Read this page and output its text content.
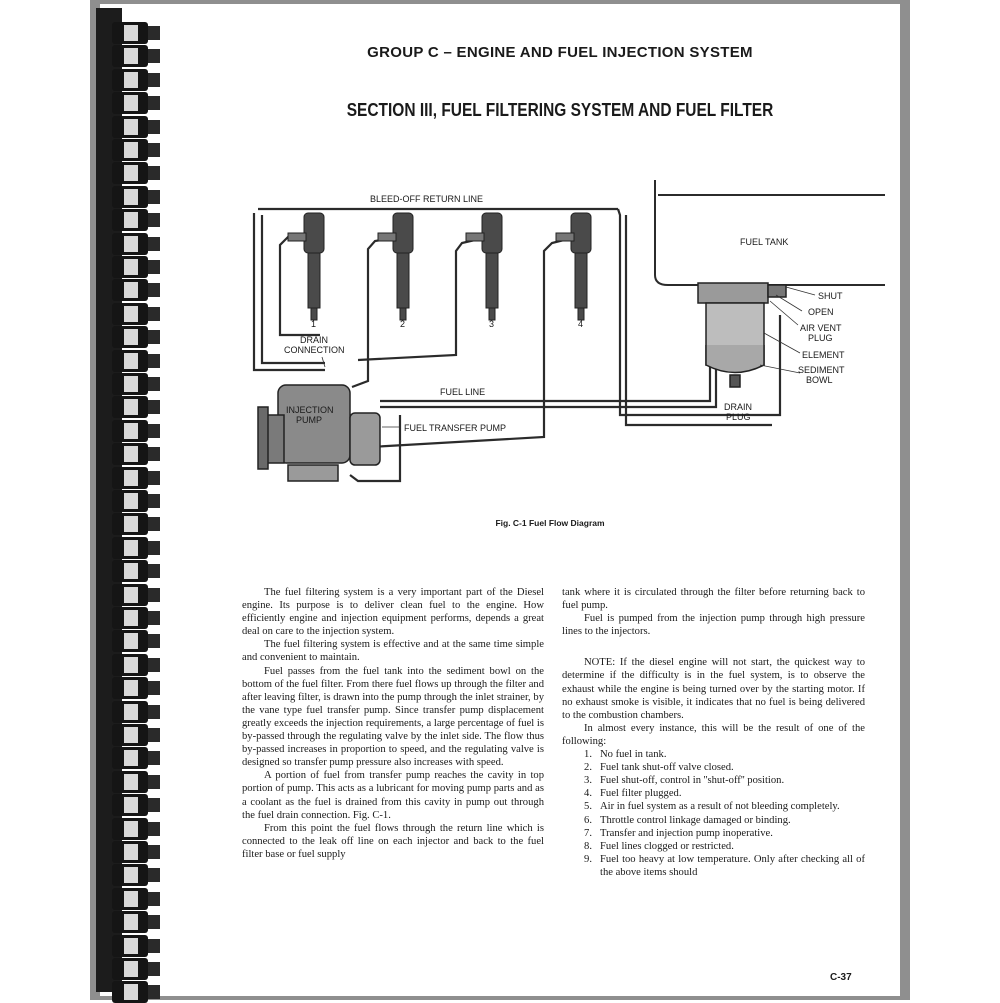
GROUP C – ENGINE AND FUEL INJECTION SYSTEM
SECTION III, FUEL FILTERING SYSTEM AND FUEL FILTER
BLEED-OFF RETURN LINE
FUEL TANK
SHUT
OPEN
AIR VENT
PLUG
ELEMENT
SEDIMENT
BOWL
DRAIN
PLUG
DRAIN
CONNECTION
FUEL LINE
INJECTION
PUMP
FUEL TRANSFER PUMP
1	2	3	4
Fig. C-1 Fuel Flow Diagram

The fuel filtering system is a very important part of the Diesel engine. Its purpose is to deliver clean fuel to the engine. How efficiently engine and injection equipment performs, depends a great deal on care to the injection system.

The fuel filtering system is effective and at the same time simple and convenient to maintain.

Fuel passes from the fuel tank into the sediment bowl on the bottom of the fuel filter. From there fuel flows up through the filter and after leaving filter, is drawn into the pump through the inlet strainer, by the vane type fuel transfer pump. Since transfer pump displacement greatly exceeds the injection requirements, a large percentage of fuel is by-passed through the regulating valve by the inlet side. The flow thus by-passed increases in proportion to speed, and the regulating valve is designed so transfer pump pressure also increases with speed.

A portion of fuel from transfer pump reaches the cavity in top portion of pump. This acts as a lubricant for moving pump parts and as a coolant as the fuel is drained from this cavity in pump out through the fuel drain connection. Fig. C-1.

From this point the fuel flows through the return line which is connected to the leak off line on each injector and back to the fuel filter base or fuel supply

tank where it is circulated through the filter before returning back to fuel pump.

Fuel is pumped from the injection pump through high pressure lines to the injectors.

NOTE: If the diesel engine will not start, the quickest way to determine if the difficulty is in the fuel system, is to observe the exhaust while the engine is being turned over by the starting motor. If no exhaust smoke is visible, it indicates that no fuel is being delivered to the combustion chambers.

In almost every instance, this will be the result of one of the following:

1. No fuel in tank.
2. Fuel tank shut-off valve closed.
3. Fuel shut-off, control in ''shut-off'' position.
4. Fuel filter plugged.
5. Air in fuel system as a result of not bleeding completely.
6. Throttle control linkage damaged or binding.
7. Transfer and injection pump inoperative.
8. Fuel lines clogged or restricted.
9. Fuel too heavy at low temperature. Only after checking all of the above items should
C-37
